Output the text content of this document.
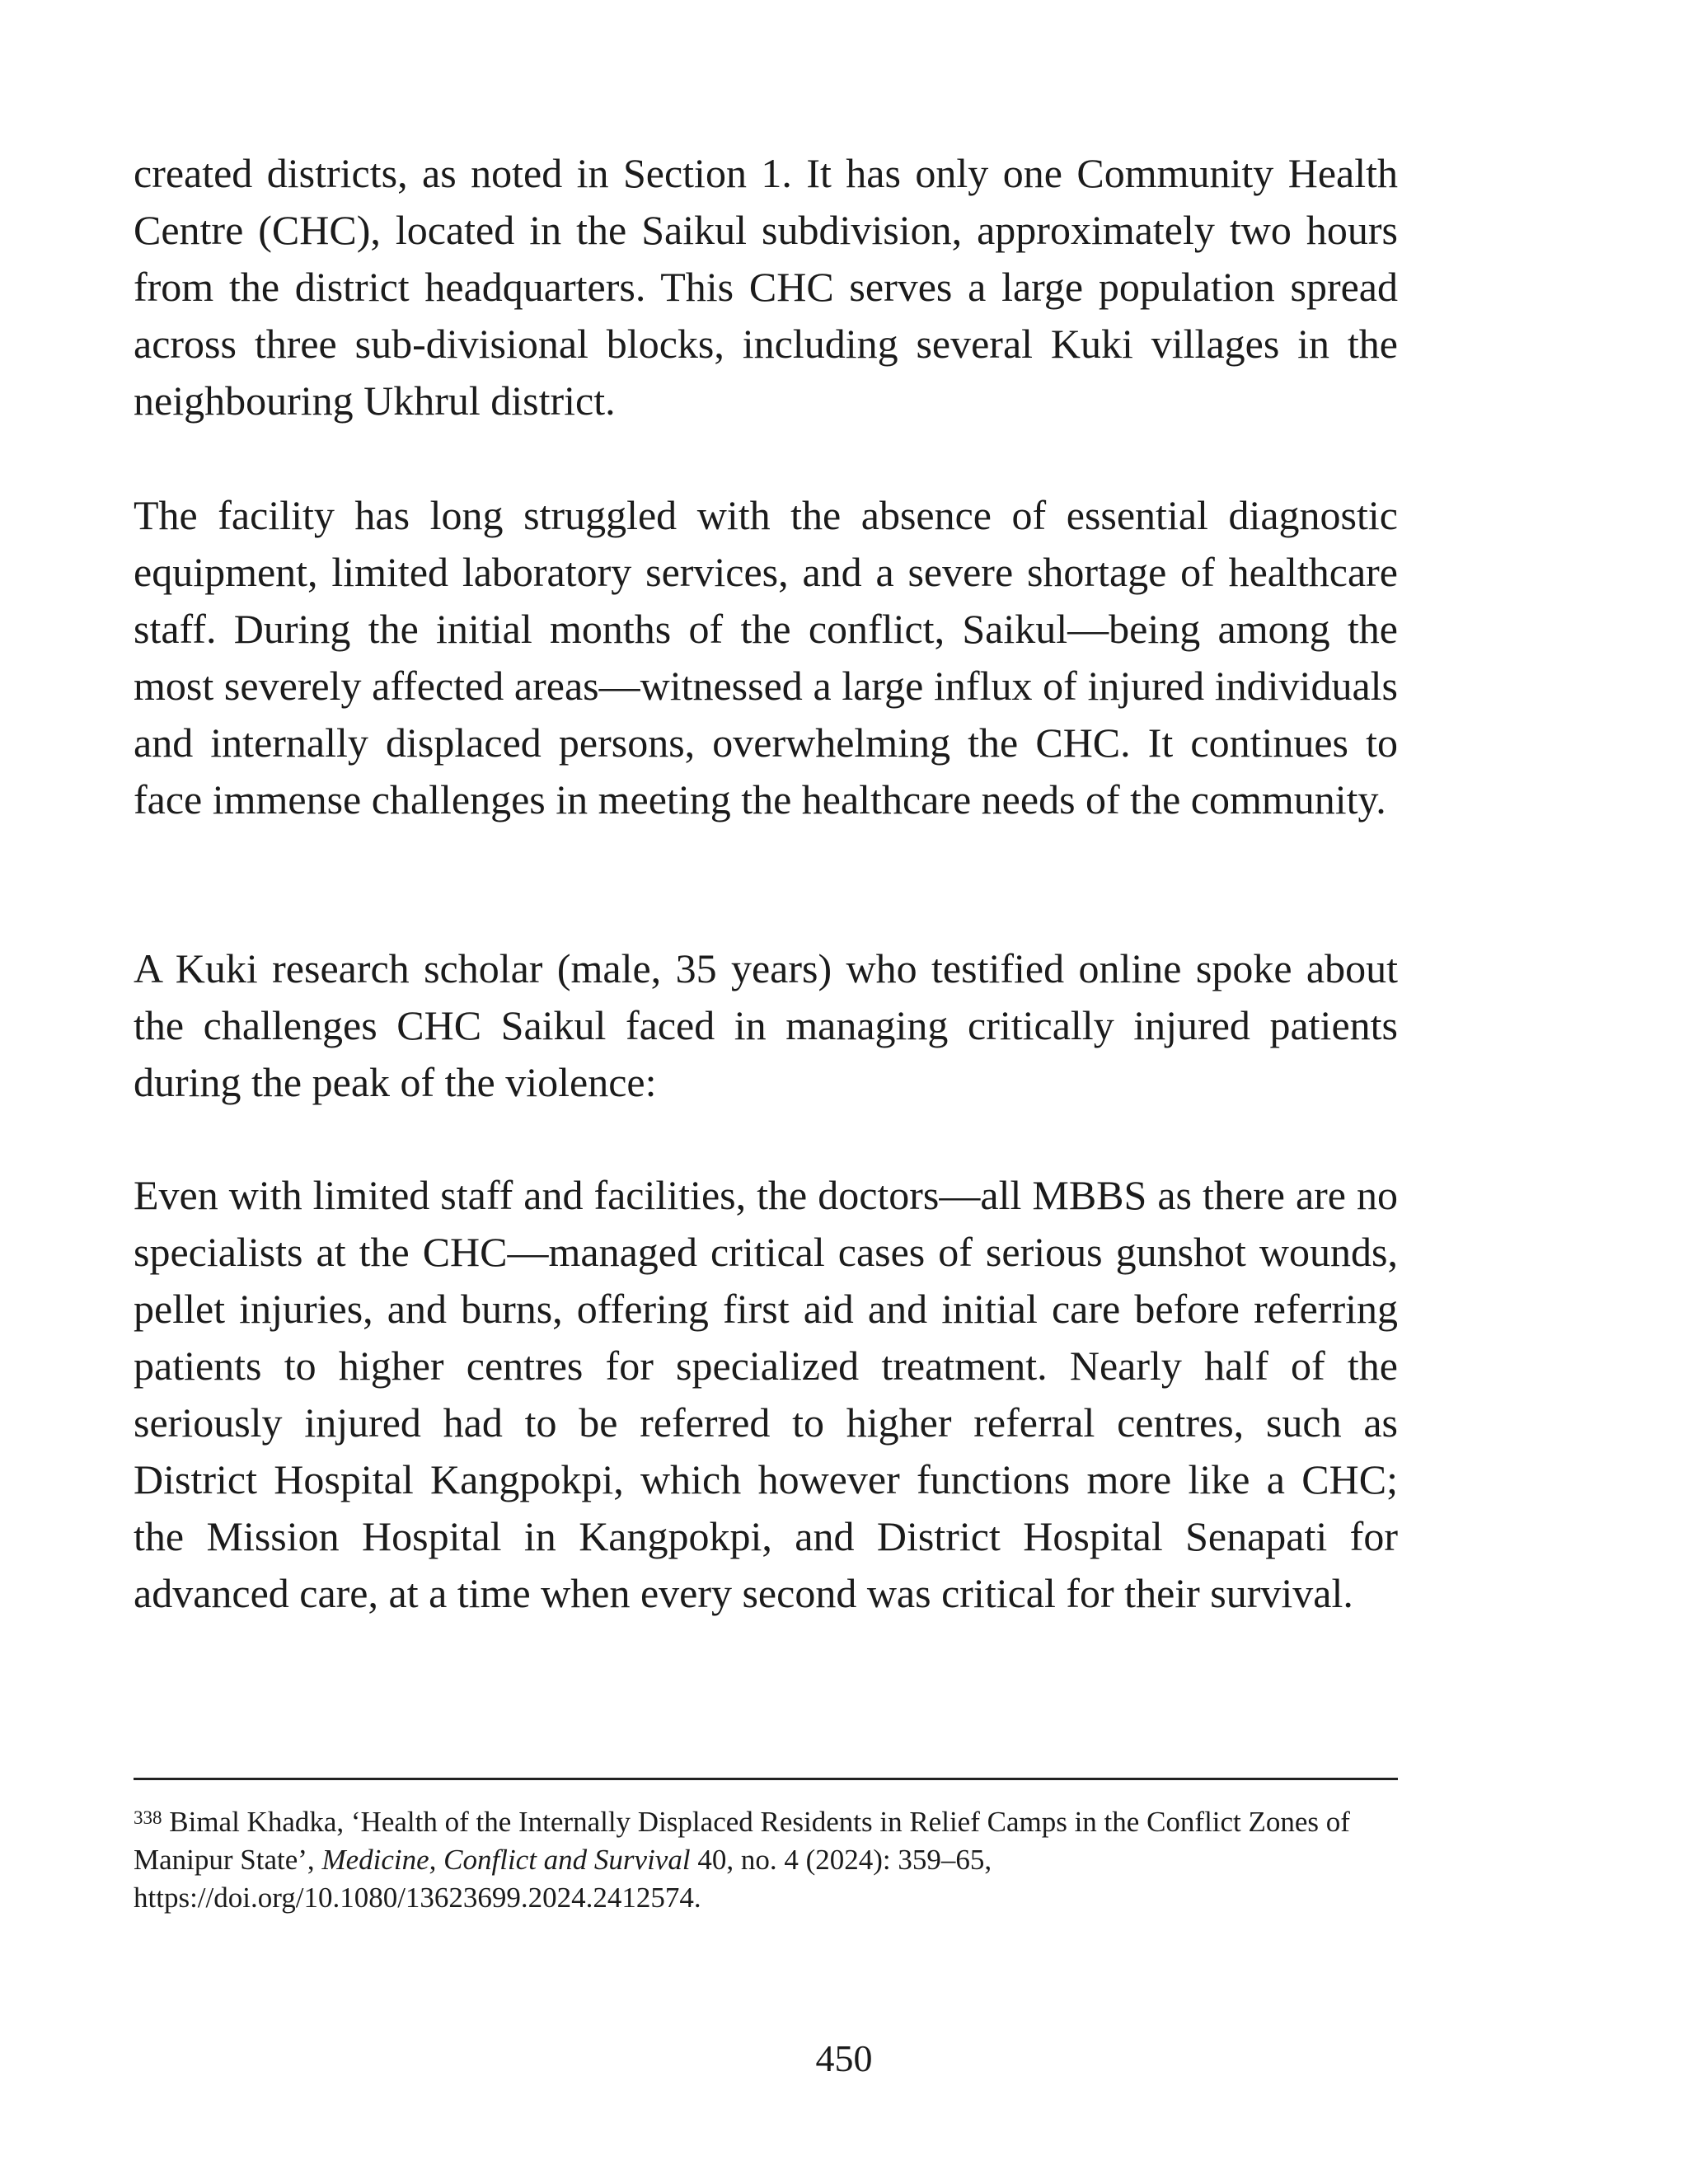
created districts, as noted in Section 1. It has only one Community Health Centre (CHC), located in the Saikul subdivision, approximately two hours from the district headquarters. This CHC serves a large population spread across three sub-divisional blocks, including several Kuki villages in the neighbouring Ukhrul district.

The facility has long struggled with the absence of essential diagnostic equipment, limited laboratory services, and a severe shortage of healthcare staff. During the initial months of the conflict, Saikul—being among the most severely affected areas—witnessed a large influx of injured individuals and internally displaced persons, overwhelming the CHC. It continues to face immense challenges in meeting the healthcare needs of the community.

A Kuki research scholar (male, 35 years) who testified online spoke about the challenges CHC Saikul faced in managing critically injured patients during the peak of the violence:

Even with limited staff and facilities, the doctors—all MBBS as there are no specialists at the CHC—managed critical cases of serious gunshot wounds, pellet injuries, and burns, offering first aid and initial care before referring patients to higher centres for specialized treatment. Nearly half of the seriously injured had to be referred to higher referral centres, such as District Hospital Kangpokpi, which however functions more like a CHC; the Mission Hospital in Kangpokpi, and District Hospital Senapati for advanced care, at a time when every second was critical for their survival.

$^{338}$ Bimal Khadka, ‘Health of the Internally Displaced Residents in Relief Camps in the Conflict Zones of Manipur State’, Medicine, Conflict and Survival 40, no. 4 (2024): 359–65, https://doi.org/10.1080/13623699.2024.2412574.
450
